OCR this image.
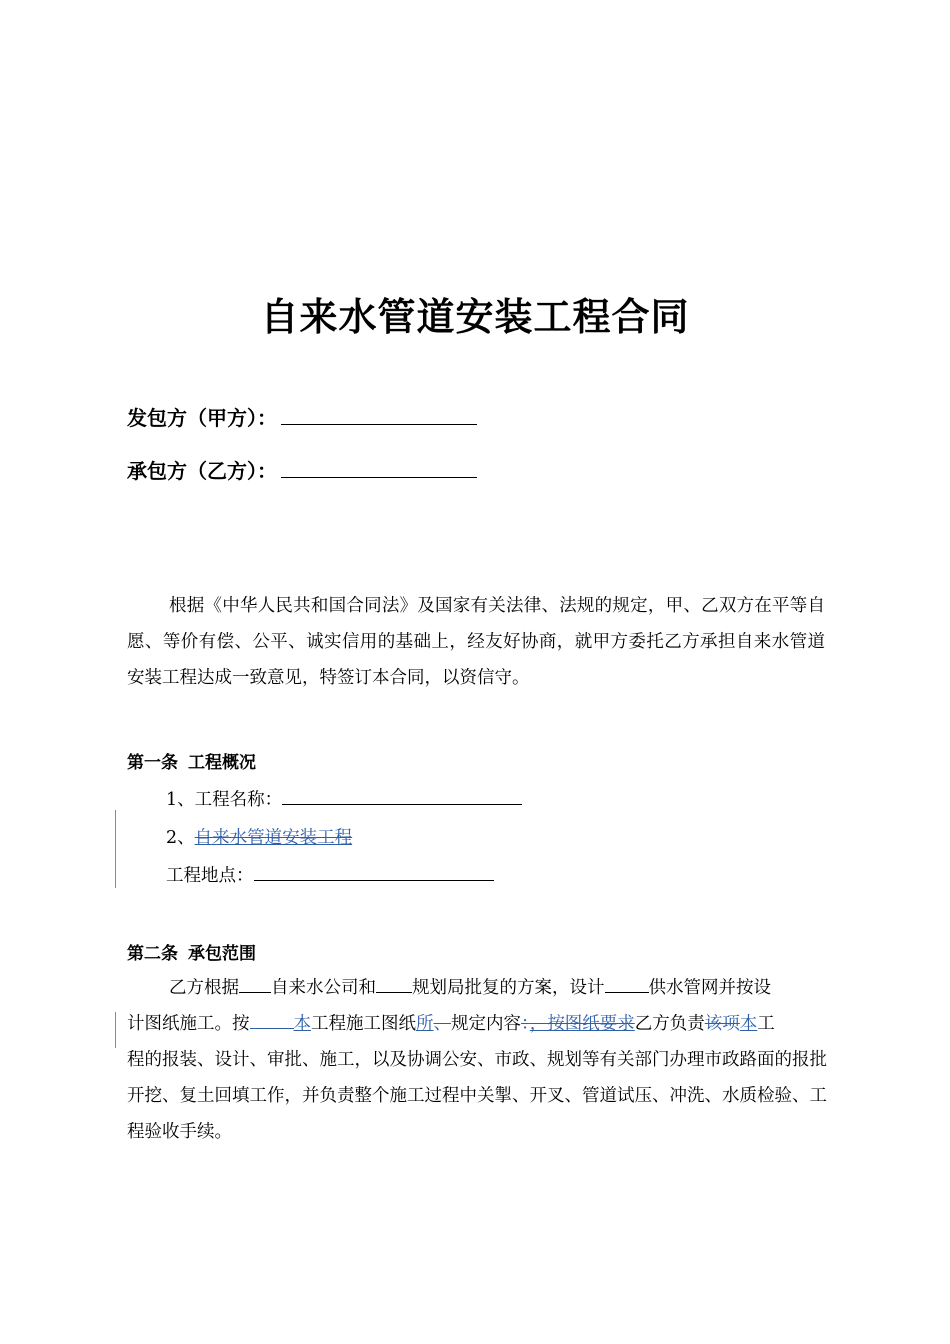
自来水管道安装工程合同
发包方（甲方）：
承包方（乙方）：
根据《中华人民共和国合同法》及国家有关法律、法规的规定，甲、乙双方在平等自愿、等价有偿、公平、诚实信用的基础上，经友好协商，就甲方委托乙方承担自来水管道安装工程达成一致意见，特签订本合同，以资信守。
第一条 工程概况
1、工程名称：
2、自来水管道安装工程
工程地点：
第二条 承包范围
乙方根据 自来水公司和 规划局批复的方案，设计	供水管网并按设
计图纸施工。按	本工程施工图纸所、规定内容：，按图纸要求乙方负责该项本工
程的报装、设计、审批、施工，以及协调公安、市政、规划等有关部门办理市政路面的报批开挖、复土回填工作，并负责整个施工过程中关掣、开叉、管道试压、冲洗、水质检验、工程验收手续。
